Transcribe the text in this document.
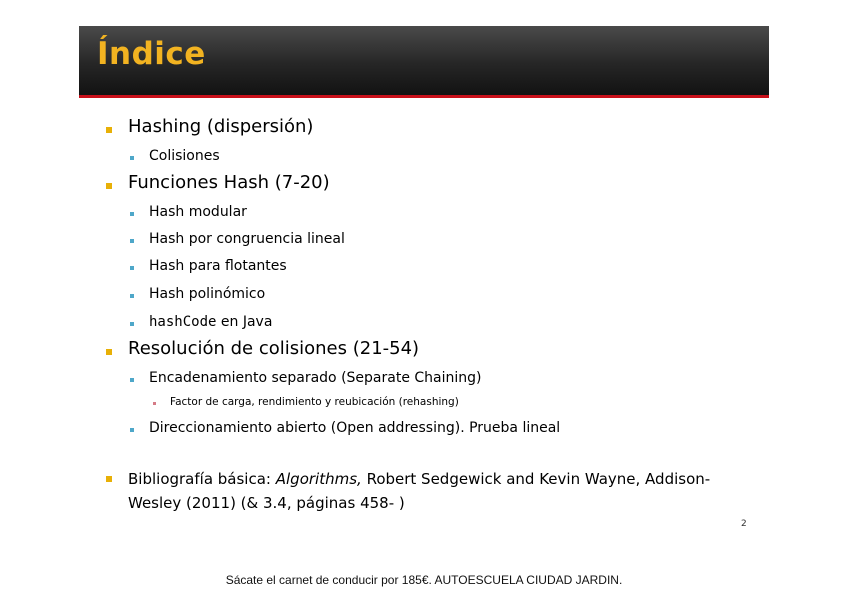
Índice
Hashing (dispersión)
Colisiones
Funciones Hash (7-20)
Hash modular
Hash por congruencia lineal
Hash para flotantes
Hash polinómico
hashCode en Java
Resolución de colisiones (21-54)
Encadenamiento separado (Separate Chaining)
Factor de carga, rendimiento y reubicación (rehashing)
Direccionamiento abierto (Open addressing). Prueba lineal
Bibliografía básica: Algorithms, Robert Sedgewick and Kevin Wayne, Addison-Wesley (2011) (& 3.4, páginas 458- )
2
Sácate el carnet de conducir por 185€. AUTOESCUELA CIUDAD JARDIN.
